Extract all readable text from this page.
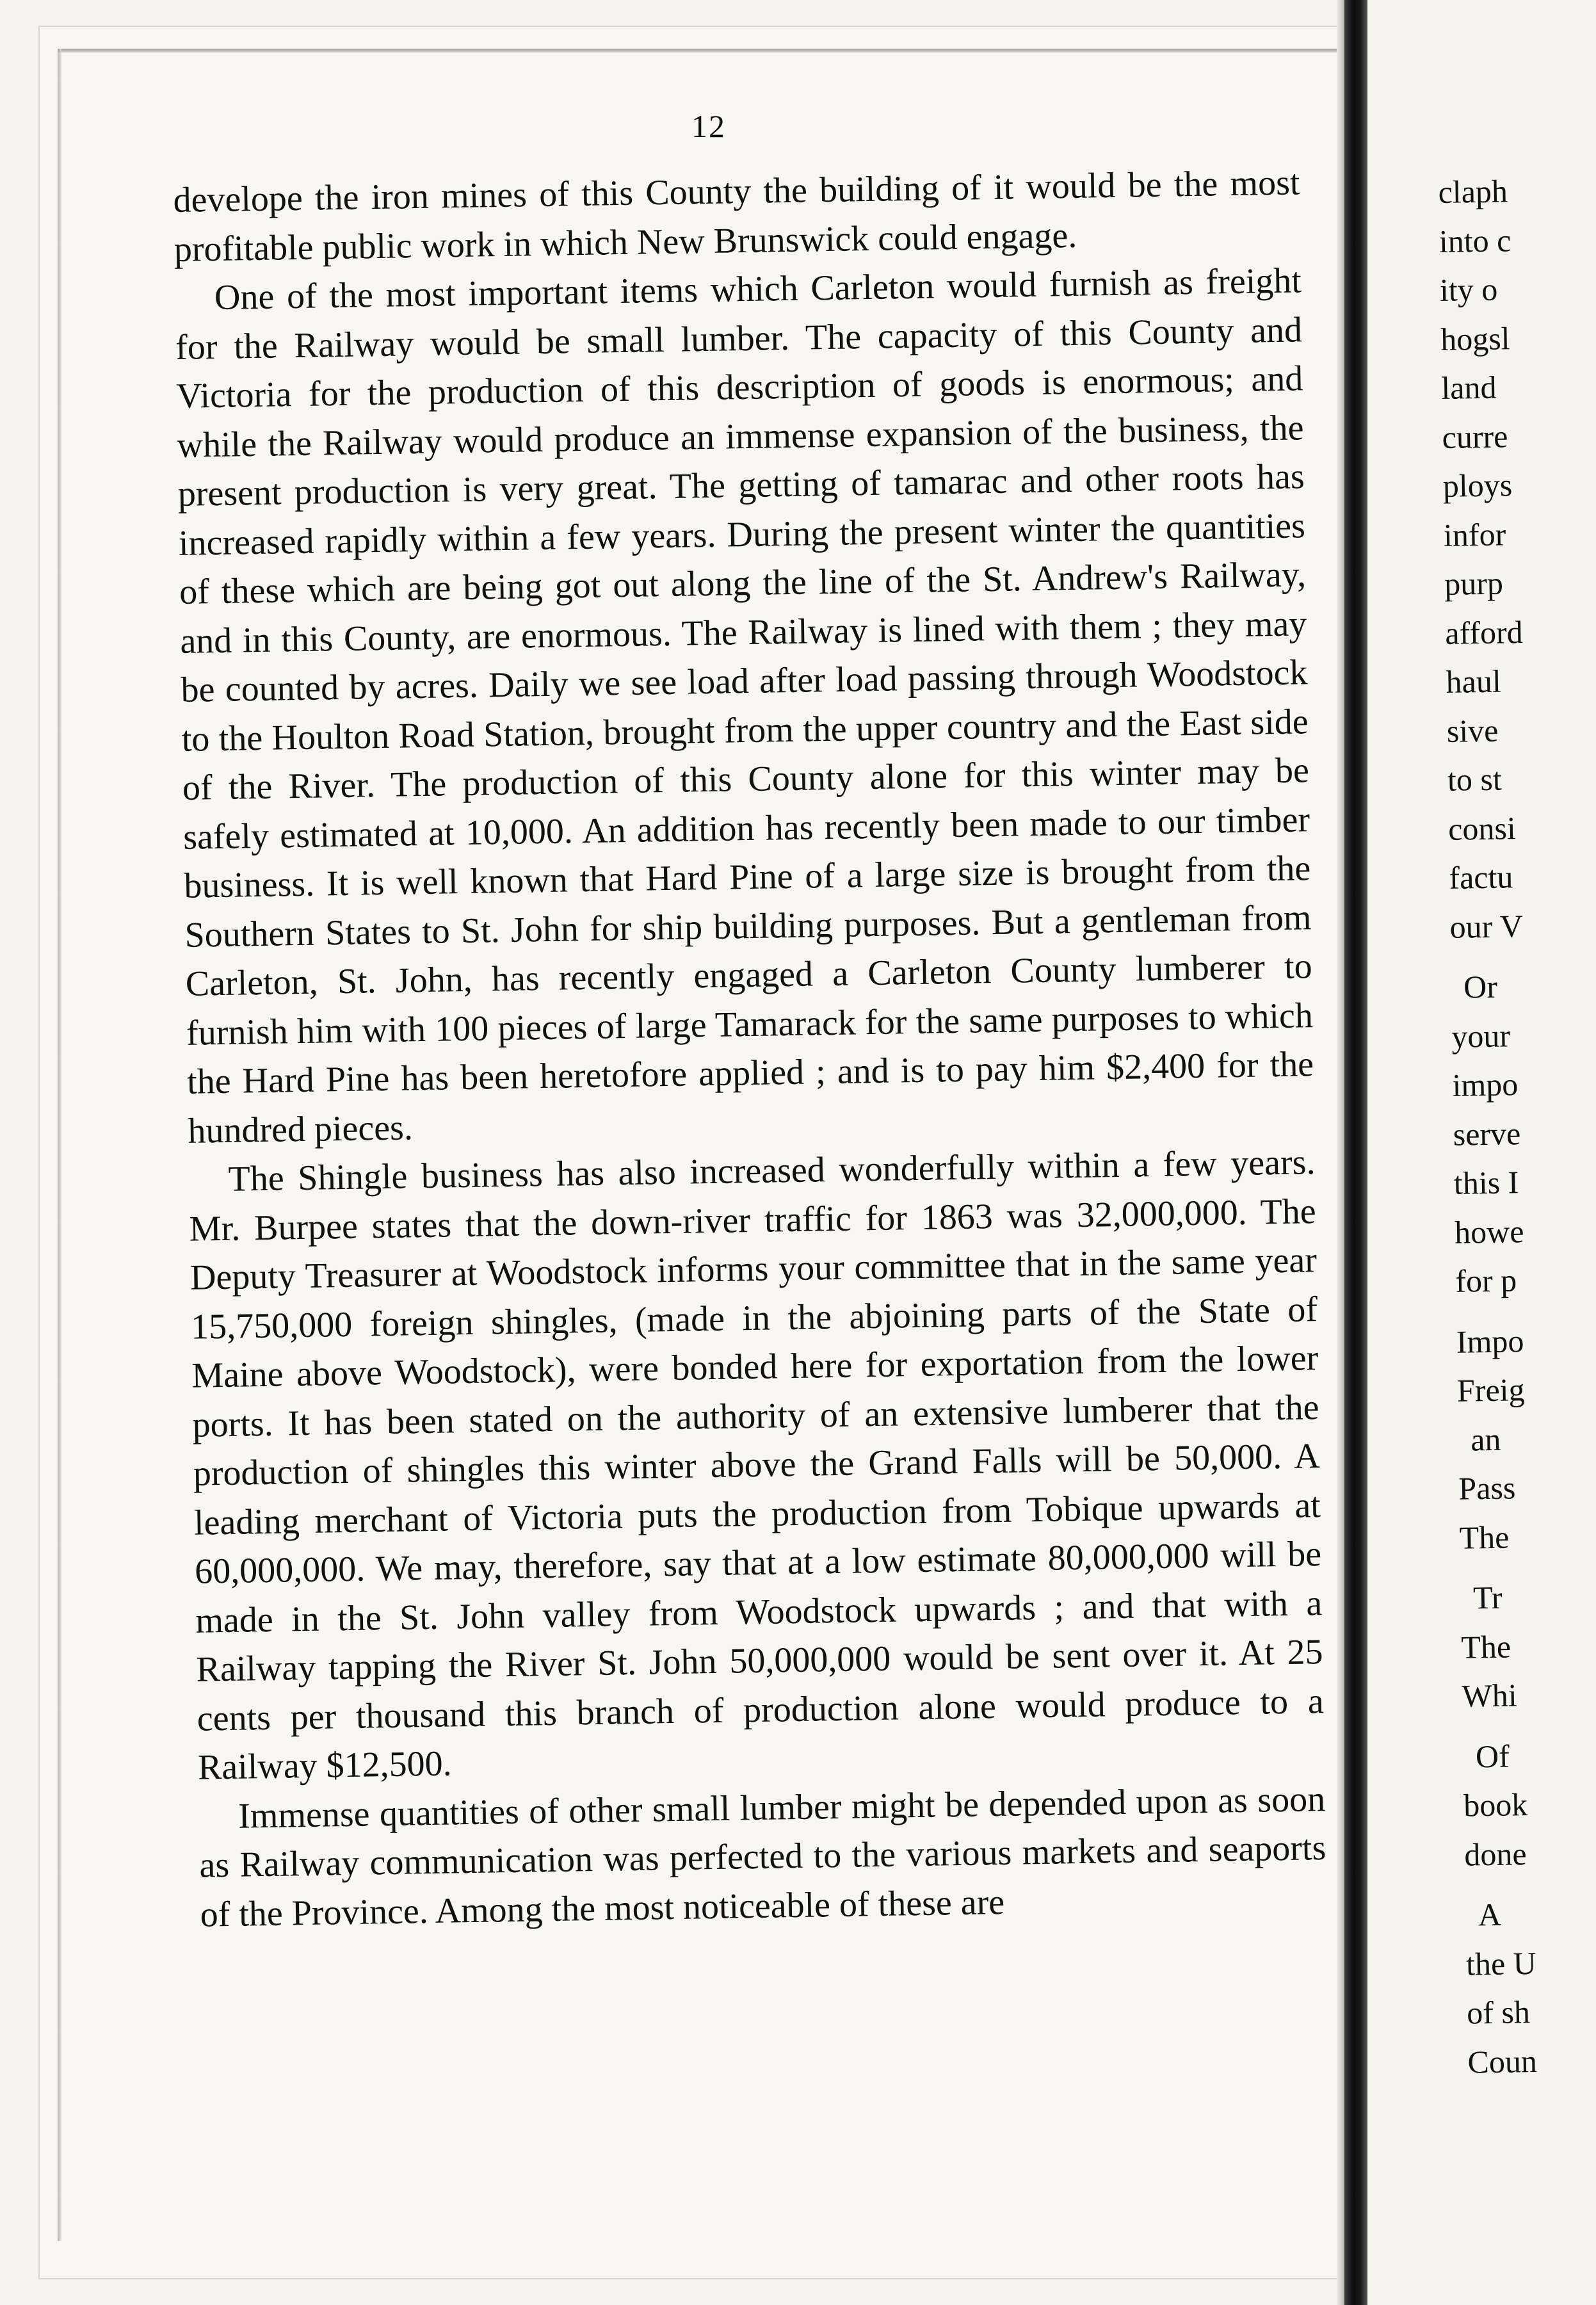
12

develope the iron mines of this County the building of it would be the most profitable public work in which New Brunswick could engage.

One of the most important items which Carleton would furnish as freight for the Railway would be small lumber. The capacity of this County and Victoria for the production of this description of goods is enormous; and while the Railway would produce an immense expansion of the business, the present production is very great. The getting of tamarac and other roots has increased rapidly within a few years. During the present winter the quantities of these which are being got out along the line of the St. Andrew's Railway, and in this County, are enormous. The Railway is lined with them ; they may be counted by acres. Daily we see load after load passing through Woodstock to the Houlton Road Station, brought from the upper country and the East side of the River. The production of this County alone for this winter may be safely estimated at 10,000. An addition has recently been made to our timber business. It is well known that Hard Pine of a large size is brought from the Southern States to St. John for ship building purposes. But a gentleman from Carleton, St. John, has recently engaged a Carleton County lumberer to furnish him with 100 pieces of large Tamarack for the same purposes to which the Hard Pine has been heretofore applied ; and is to pay him $2,400 for the hundred pieces.

The Shingle business has also increased wonderfully within a few years. Mr. Burpee states that the down-river traffic for 1863 was 32,000,000. The Deputy Treasurer at Woodstock informs your committee that in the same year 15,750,000 foreign shingles, (made in the abjoining parts of the State of Maine above Woodstock), were bonded here for exportation from the lower ports. It has been stated on the authority of an extensive lumberer that the production of shingles this winter above the Grand Falls will be 50,000. A leading merchant of Victoria puts the production from Tobique upwards at 60,000,000. We may, therefore, say that at a low estimate 80,000,000 will be made in the St. John valley from Woodstock upwards ; and that with a Railway tapping the River St. John 50,000,000 would be sent over it. At 25 cents per thousand this branch of production alone would produce to a Railway $12,500.

Immense quantities of other small lumber might be depended upon as soon as Railway communication was perfected to the various markets and seaports of the Province. Among the most noticeable of these are

claph
into c
ity o
hogsl
land
curre
ploys
infor
purp
afford
haul
sive
to st
consi
factu
our V
Or
your
impo
serve
this I
howe
for p
Impo
Freig
an
Pass
The
Tr
The
Whi
Of
book
done
A
the U
of sh
Coun
